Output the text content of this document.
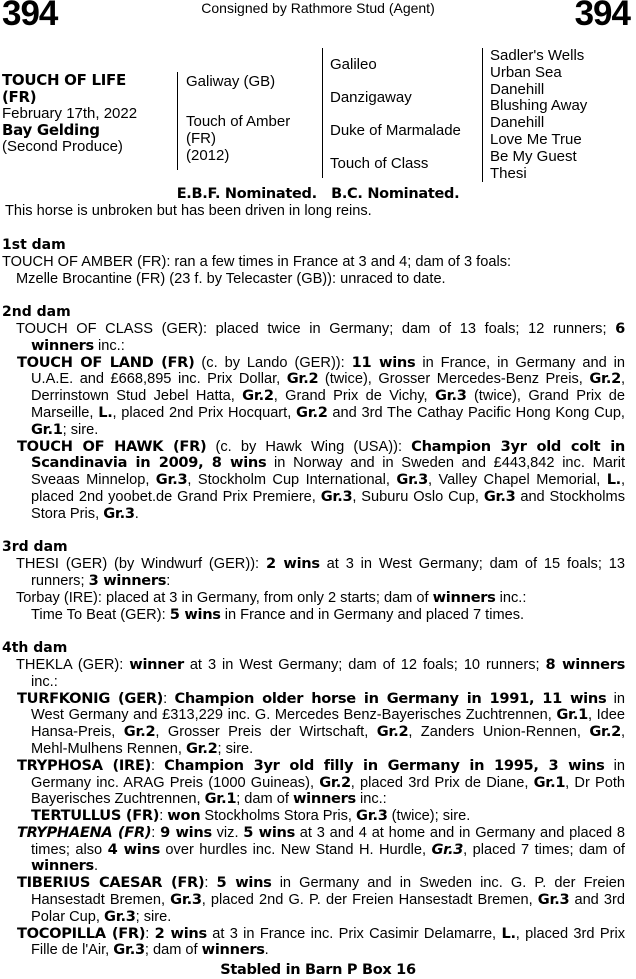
394	Consigned by Rathmore Stud (Agent)	394
TOUCH OF LIFE
(FR)
February 17th, 2022
Bay Gelding
(Second Produce)
Galiway (GB)
Touch of Amber
(FR)
(2012)
Galileo
Danzigaway
Duke of Marmalade
Touch of Class
Sadler's Wells
Urban Sea
Danehill
Blushing Away
Danehill
Love Me True
Be My Guest
Thesi
E.B.F. Nominated.   B.C. Nominated.
This horse is unbroken but has been driven in long reins.

1st dam

TOUCH OF AMBER (FR): ran a few times in France at 3 and 4; dam of 3 foals:

Mzelle Brocantine (FR) (23 f. by Telecaster (GB)): unraced to date.

2nd dam

TOUCH OF CLASS (GER): placed twice in Germany; dam of 13 foals; 12 runners; 6 winners inc.:

TOUCH OF LAND (FR) (c. by Lando (GER)): 11 wins in France, in Germany and in U.A.E. and £668,895 inc. Prix Dollar, Gr.2 (twice), Grosser Mercedes-Benz Preis, Gr.2, Derrinstown Stud Jebel Hatta, Gr.2, Grand Prix de Vichy, Gr.3 (twice), Grand Prix de Marseille, L., placed 2nd Prix Hocquart, Gr.2 and 3rd The Cathay Pacific Hong Kong Cup, Gr.1; sire.

TOUCH OF HAWK (FR) (c. by Hawk Wing (USA)): Champion 3yr old colt in Scandinavia in 2009, 8 wins in Norway and in Sweden and £443,842 inc. Marit Sveaas Minnelop, Gr.3, Stockholm Cup International, Gr.3, Valley Chapel Memorial, L., placed 2nd yoobet.de Grand Prix Premiere, Gr.3, Suburu Oslo Cup, Gr.3 and Stockholms Stora Pris, Gr.3.

3rd dam

THESI (GER) (by Windwurf (GER)): 2 wins at 3 in West Germany; dam of 15 foals; 13 runners; 3 winners:

Torbay (IRE): placed at 3 in Germany, from only 2 starts; dam of winners inc.:

Time To Beat (GER): 5 wins in France and in Germany and placed 7 times.

4th dam

THEKLA (GER): winner at 3 in West Germany; dam of 12 foals; 10 runners; 8 winners inc.:

TURFKONIG (GER): Champion older horse in Germany in 1991, 11 wins in West Germany and £313,229 inc. G. Mercedes Benz-Bayerisches Zuchtrennen, Gr.1, Idee Hansa-Preis, Gr.2, Grosser Preis der Wirtschaft, Gr.2, Zanders Union-Rennen, Gr.2, Mehl-Mulhens Rennen, Gr.2; sire.

TRYPHOSA (IRE): Champion 3yr old filly in Germany in 1995, 3 wins in Germany inc. ARAG Preis (1000 Guineas), Gr.2, placed 3rd Prix de Diane, Gr.1, Dr Poth Bayerisches Zuchtrennen, Gr.1; dam of winners inc.:

TERTULLUS (FR): won Stockholms Stora Pris, Gr.3 (twice); sire.

TRYPHAENA (FR): 9 wins viz. 5 wins at 3 and 4 at home and in Germany and placed 8 times; also 4 wins over hurdles inc. New Stand H. Hurdle, Gr.3, placed 7 times; dam of winners.

TIBERIUS CAESAR (FR): 5 wins in Germany and in Sweden inc. G. P. der Freien Hansestadt Bremen, Gr.3, placed 2nd G. P. der Freien Hansestadt Bremen, Gr.3 and 3rd Polar Cup, Gr.3; sire.

TOCOPILLA (FR): 2 wins at 3 in France inc. Prix Casimir Delamarre, L., placed 3rd Prix Fille de l'Air, Gr.3; dam of winners.

Stabled in Barn P Box 16
